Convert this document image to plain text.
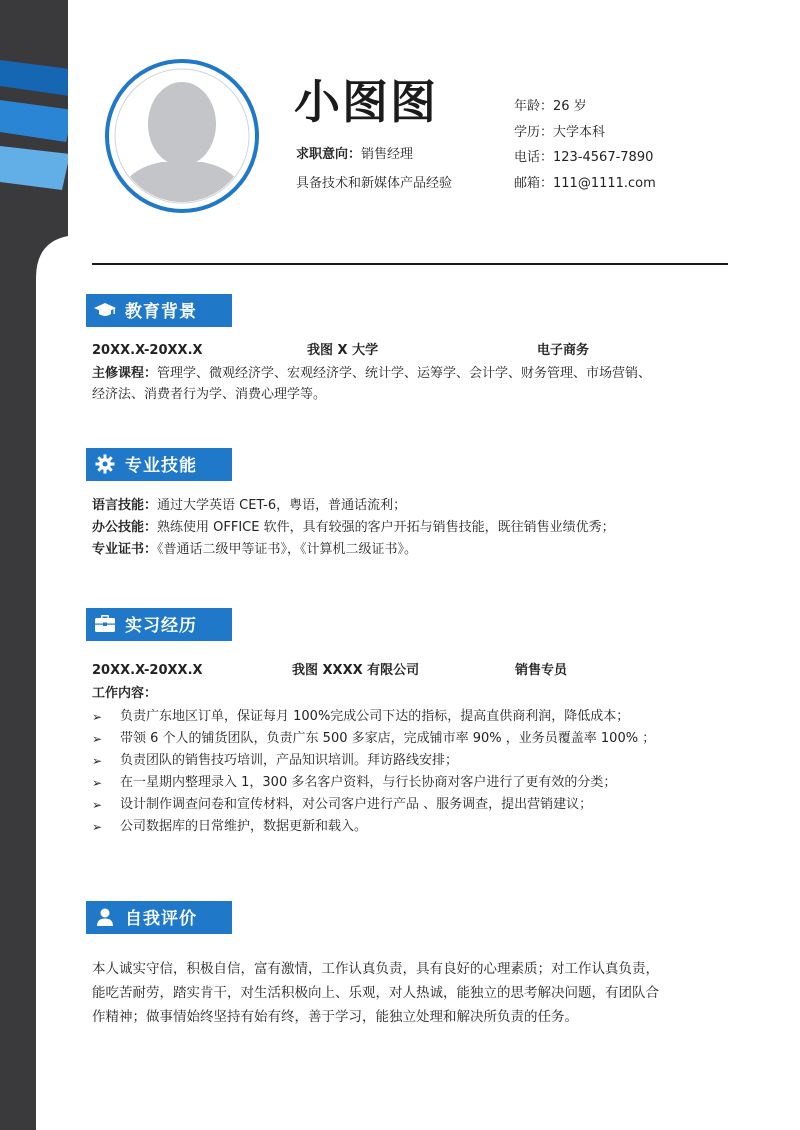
小图图
求职意向：销售经理
具备技术和新媒体产品经验
年龄：26 岁
学历：大学本科
电话：123-4567-7890
邮箱：111@1111.com
教育背景
20XX.X-20XX.X	我图 X 大学	电子商务
主修课程：管理学、微观经济学、宏观经济学、统计学、运筹学、会计学、财务管理、市场营销、
经济法、消费者行为学、消费心理学等。
专业技能
语言技能：通过大学英语 CET-6，粤语，普通话流利；
办公技能：熟练使用 OFFICE 软件，具有较强的客户开拓与销售技能，既往销售业绩优秀；
专业证书：《普通话二级甲等证书》，《计算机二级证书》。
实习经历
20XX.X-20XX.X	我图 XXXX 有限公司	销售专员
工作内容：
➢	负责广东地区订单，保证每月 100%完成公司下达的指标，提高直供商利润，降低成本；
➢	带领 6 个人的铺货团队，负责广东 500 多家店，完成铺市率 90% ，业务员覆盖率 100% ；
➢	负责团队的销售技巧培训，产品知识培训。拜访路线安排；
➢	在一星期内整理录入 1，300 多名客户资料，与行长协商对客户进行了更有效的分类；
➢	设计制作调查问卷和宣传材料，对公司客户进行产品 、服务调查，提出营销建议；
➢	公司数据库的日常维护，数据更新和载入。
自我评价
本人诚实守信，积极自信，富有激情，工作认真负责，具有良好的心理素质；对工作认真负责，
能吃苦耐劳，踏实肯干，对生活积极向上、乐观，对人热诚，能独立的思考解决问题，有团队合
作精神；做事情始终坚持有始有终，善于学习，能独立处理和解决所负责的任务。
